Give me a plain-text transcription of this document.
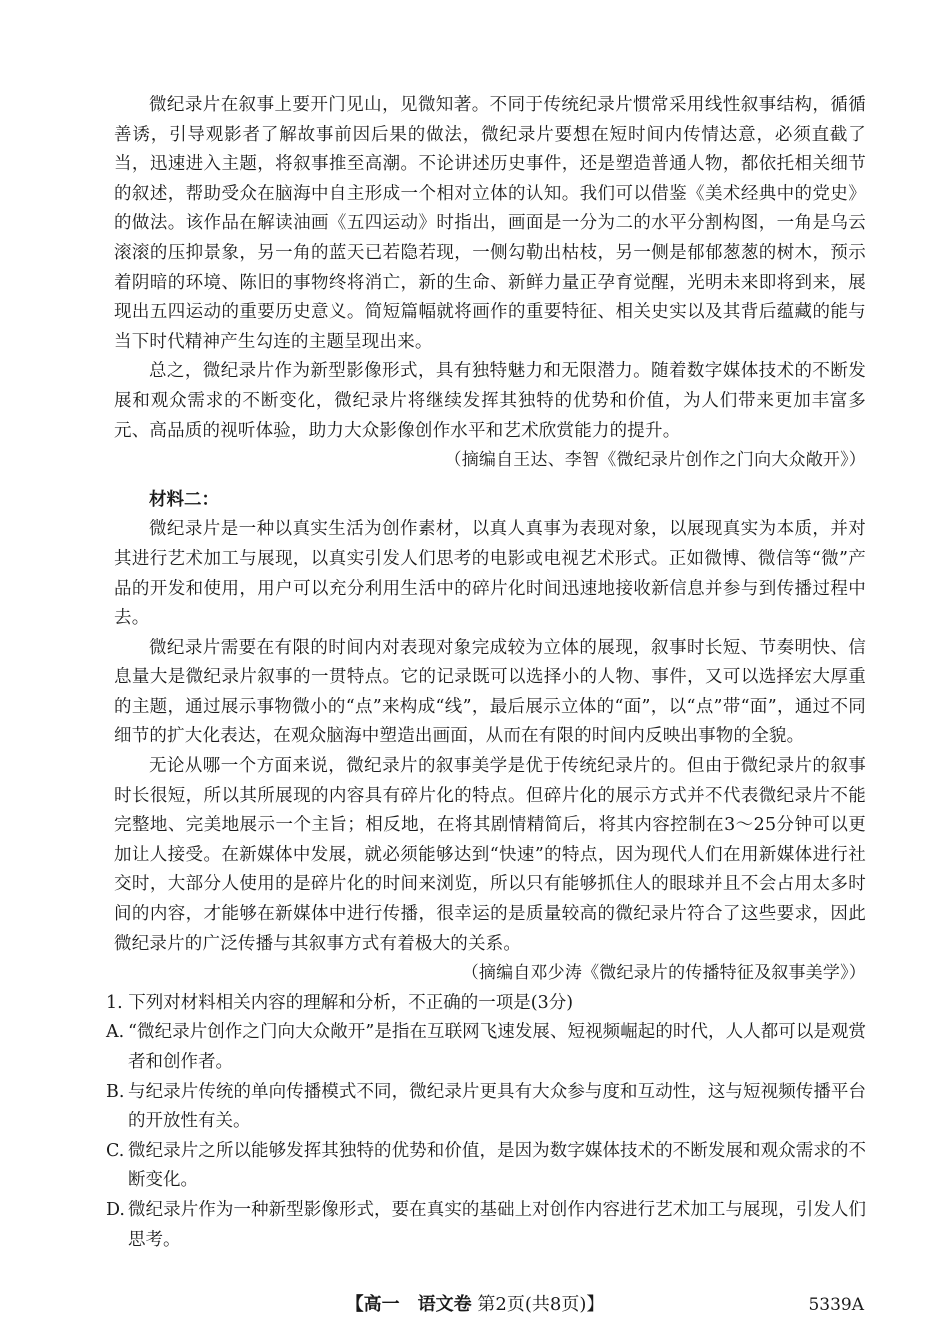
微纪录片在叙事上要开门见山，见微知著。不同于传统纪录片惯常采用线性叙事结构，循循善诱，引导观影者了解故事前因后果的做法，微纪录片要想在短时间内传情达意，必须直截了当，迅速进入主题，将叙事推至高潮。不论讲述历史事件，还是塑造普通人物，都依托相关细节的叙述，帮助受众在脑海中自主形成一个相对立体的认知。我们可以借鉴《美术经典中的党史》的做法。该作品在解读油画《五四运动》时指出，画面是一分为二的水平分割构图，一角是乌云滚滚的压抑景象，另一角的蓝天已若隐若现，一侧勾勒出枯枝，另一侧是郁郁葱葱的树木，预示着阴暗的环境、陈旧的事物终将消亡，新的生命、新鲜力量正孕育觉醒，光明未来即将到来，展现出五四运动的重要历史意义。简短篇幅就将画作的重要特征、相关史实以及其背后蕴藏的能与当下时代精神产生勾连的主题呈现出来。

总之，微纪录片作为新型影像形式，具有独特魅力和无限潜力。随着数字媒体技术的不断发展和观众需求的不断变化，微纪录片将继续发挥其独特的优势和价值，为人们带来更加丰富多元、高品质的视听体验，助力大众影像创作水平和艺术欣赏能力的提升。

（摘编自王达、李智《微纪录片创作之门向大众敞开》）

材料二：

微纪录片是一种以真实生活为创作素材，以真人真事为表现对象，以展现真实为本质，并对其进行艺术加工与展现，以真实引发人们思考的电影或电视艺术形式。正如微博、微信等“微”产品的开发和使用，用户可以充分利用生活中的碎片化时间迅速地接收新信息并参与到传播过程中去。

微纪录片需要在有限的时间内对表现对象完成较为立体的展现，叙事时长短、节奏明快、信息量大是微纪录片叙事的一贯特点。它的记录既可以选择小的人物、事件，又可以选择宏大厚重的主题，通过展示事物微小的“点”来构成“线”，最后展示立体的“面”，以“点”带“面”，通过不同细节的扩大化表达，在观众脑海中塑造出画面，从而在有限的时间内反映出事物的全貌。

无论从哪一个方面来说，微纪录片的叙事美学是优于传统纪录片的。但由于微纪录片的叙事时长很短，所以其所展现的内容具有碎片化的特点。但碎片化的展示方式并不代表微纪录片不能完整地、完美地展示一个主旨；相反地，在将其剧情精简后，将其内容控制在3～25分钟可以更加让人接受。在新媒体中发展，就必须能够达到“快速”的特点，因为现代人们在用新媒体进行社交时，大部分人使用的是碎片化的时间来浏览，所以只有能够抓住人的眼球并且不会占用太多时间的内容，才能够在新媒体中进行传播，很幸运的是质量较高的微纪录片符合了这些要求，因此微纪录片的广泛传播与其叙事方式有着极大的关系。

（摘编自邓少涛《微纪录片的传播特征及叙事美学》）

1. 下列对材料相关内容的理解和分析，不正确的一项是(3分)

A. “微纪录片创作之门向大众敞开”是指在互联网飞速发展、短视频崛起的时代，人人都可以是观赏者和创作者。
B. 与纪录片传统的单向传播模式不同，微纪录片更具有大众参与度和互动性，这与短视频传播平台的开放性有关。
C. 微纪录片之所以能够发挥其独特的优势和价值，是因为数字媒体技术的不断发展和观众需求的不断变化。
D. 微纪录片作为一种新型影像形式，要在真实的基础上对创作内容进行艺术加工与展现，引发人们思考。
【高一　语文卷 第2页(共8页)】	5339A
